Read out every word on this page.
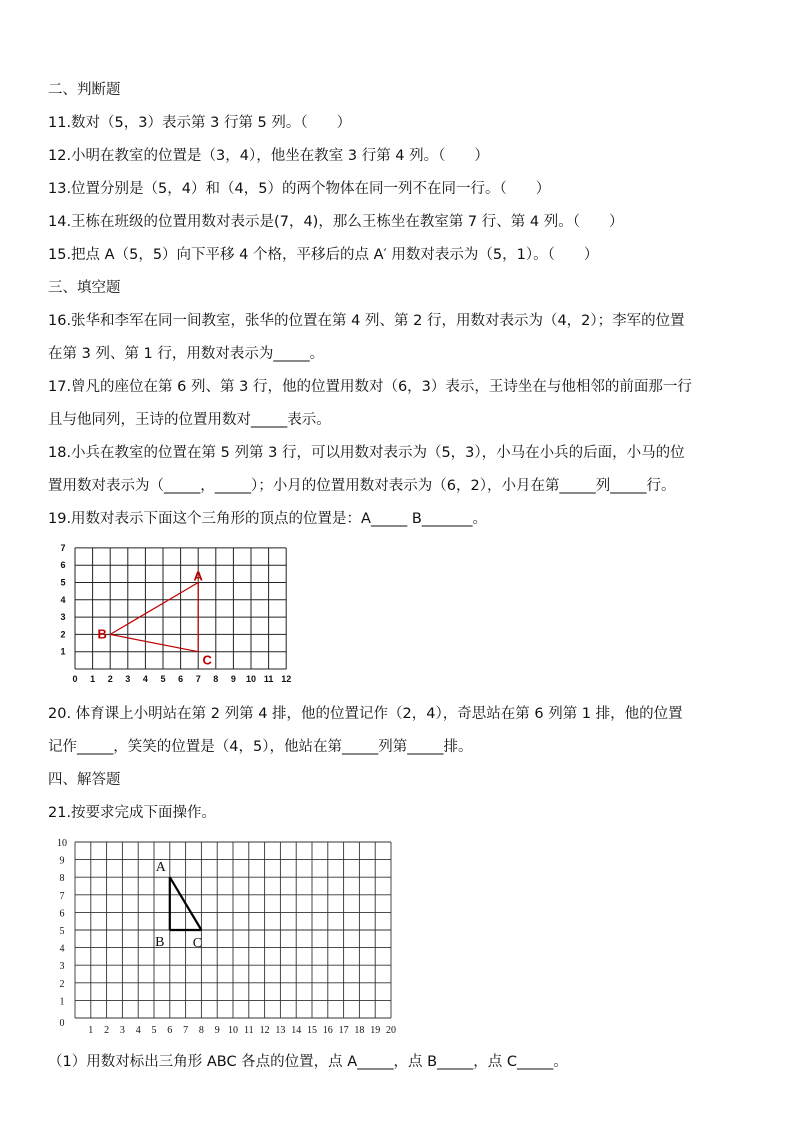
二、判断题
11.数对（5，3）表示第 3 行第 5 列。（　　）
12.小明在教室的位置是（3，4），他坐在教室 3 行第 4 列。（　　）
13.位置分别是（5，4）和（4，5）的两个物体在同一列不在同一行。（　　）
14.王栋在班级的位置用数对表示是(7，4)，那么王栋坐在教室第 7 行、第 4 列。（　　）
15.把点 A（5，5）向下平移 4 个格，平移后的点 A′ 用数对表示为（5，1）。（　　）
三、填空题
16.张华和李军在同一间教室，张华的位置在第 4 列、第 2 行，用数对表示为（4，2）；李军的位置
在第 3 列、第 1 行，用数对表示为_____。
17.曾凡的座位在第 6 列、第 3 行，他的位置用数对（6，3）表示，王诗坐在与他相邻的前面那一行
且与他同列，王诗的位置用数对_____表示。
18.小兵在教室的位置在第 5 列第 3 行，可以用数对表示为（5，3），小马在小兵的后面，小马的位
置用数对表示为（_____，_____）；小月的位置用数对表示为（6，2），小月在第_____列_____行。
19.用数对表示下面这个三角形的顶点的位置是：A_____ B_______。
0 1 2 3 4 5 6 7 8 9 10 11 12
1
2
3
4
5
6
7
A
B
C
20. 体育课上小明站在第 2 列第 4 排，他的位置记作（2，4），奇思站在第 6 列第 1 排，他的位置
记作_____，笑笑的位置是（4，5），他站在第_____列第_____排。
四、解答题
21.按要求完成下面操作。
1 2 3 4 5 6 7 8 9 10 11 12 13 14 15 16 17 18 19 20
1
2
3
4
5
6
7
8
9
10
0
A
B C
（1）用数对标出三角形 ABC 各点的位置，点 A_____，点 B_____，点 C_____。
